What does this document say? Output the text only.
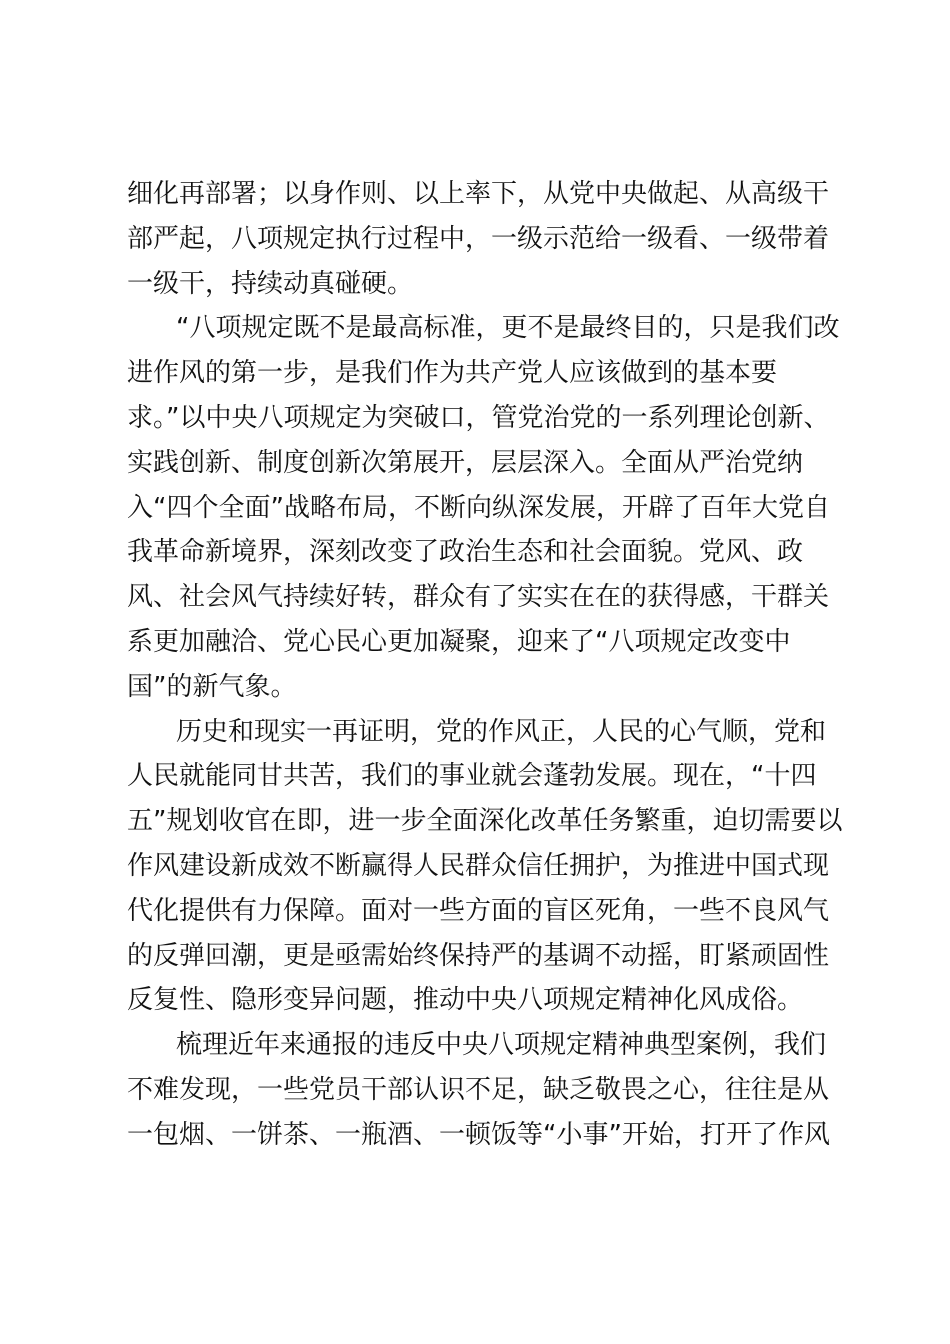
细化再部署；以身作则、以上率下，从党中央做起、从高级干
部严起，八项规定执行过程中，一级示范给一级看、一级带着
一级干，持续动真碰硬。
“八项规定既不是最高标准，更不是最终目的，只是我们改
进作风的第一步，是我们作为共产党人应该做到的基本要
求。”以中央八项规定为突破口，管党治党的一系列理论创新、
实践创新、制度创新次第展开，层层深入。全面从严治党纳
入“四个全面”战略布局，不断向纵深发展，开辟了百年大党自
我革命新境界，深刻改变了政治生态和社会面貌。党风、政
风、社会风气持续好转，群众有了实实在在的获得感，干群关
系更加融洽、党心民心更加凝聚，迎来了“八项规定改变中
国”的新气象。
历史和现实一再证明，党的作风正，人民的心气顺，党和
人民就能同甘共苦，我们的事业就会蓬勃发展。现在，“十四
五”规划收官在即，进一步全面深化改革任务繁重，迫切需要以
作风建设新成效不断赢得人民群众信任拥护，为推进中国式现
代化提供有力保障。面对一些方面的盲区死角，一些不良风气
的反弹回潮，更是亟需始终保持严的基调不动摇，盯紧顽固性
反复性、隐形变异问题，推动中央八项规定精神化风成俗。
梳理近年来通报的违反中央八项规定精神典型案例，我们
不难发现，一些党员干部认识不足，缺乏敬畏之心，往往是从
一包烟、一饼茶、一瓶酒、一顿饭等“小事”开始，打开了作风
